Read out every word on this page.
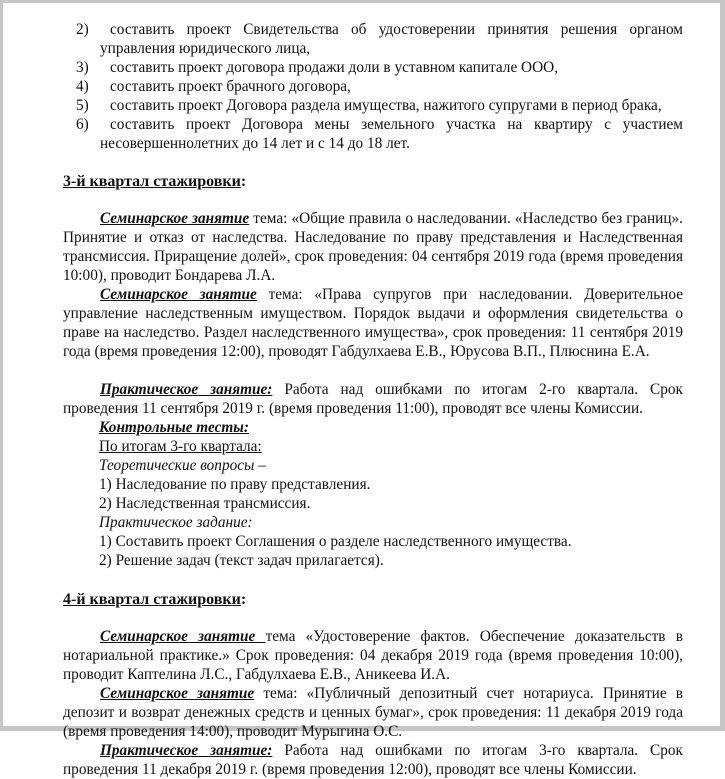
2)	составить проект Свидетельства об удостоверении принятия решения органом управления юридического лица,
3)	составить проект договора продажи доли в уставном капитале ООО,
4)	составить проект брачного договора,
5)	составить проект Договора раздела имущества, нажитого супругами в период брака,
6)	составить проект Договора мены земельного участка на квартиру с участием несовершеннолетних до 14 лет и с 14 до 18 лет.
3-й квартал стажировки:

Семинарское занятие тема: «Общие правила о наследовании. «Наследство без границ». Принятие и отказ от наследства. Наследование по праву представления и Наследственная трансмиссия. Приращение долей», срок проведения: 04 сентября 2019 года (время проведения 10:00), проводит Бондарева Л.А.

Семинарское занятие тема: «Права супругов при наследовании. Доверительное управление наследственным имуществом. Порядок выдачи и оформления свидетельства о праве на наследство. Раздел наследственного имущества», срок проведения: 11 сентября 2019 года (время проведения 12:00), проводят Габдулхаева Е.В., Юрусова В.П., Плюснина Е.А.

Практическое занятие: Работа над ошибками по итогам 2-го квартала. Срок проведения 11 сентября 2019 г. (время проведения 11:00), проводят все члены Комиссии.

Контрольные тесты:
По итогам 3-го квартала:
Теоретические вопросы –
1) Наследование по праву представления.
2) Наследственная трансмиссия.
Практическое задание:
1) Составить проект Соглашения о разделе наследственного имущества.
2) Решение задач (текст задач прилагается).
4-й квартал стажировки:

Семинарское занятие тема «Удостоверение фактов. Обеспечение доказательств в нотариальной практике.» Срок проведения: 04 декабря 2019 года (время проведения 10:00), проводит Каптелина Л.С., Габдулхаева Е.В., Аникеева И.А.

Семинарское занятие тема: «Публичный депозитный счет нотариуса. Принятие в депозит и возврат денежных средств и ценных бумаг», срок проведения: 11 декабря 2019 года (время проведения 14:00), проводит Мурыгина О.С.

Практическое занятие: Работа над ошибками по итогам 3-го квартала. Срок проведения 11 декабря 2019 г. (время проведения 12:00), проводят все члены Комиссии.
